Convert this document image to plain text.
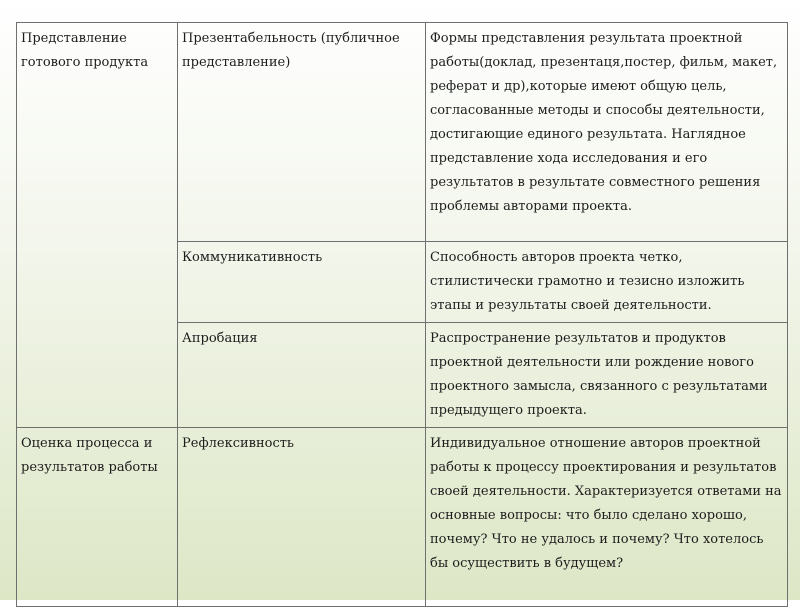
Представление готового продукта	Презентабельность (публичное представление)	Формы представления результата проектной работы(доклад, презентаця,постер, фильм, макет, реферат и др),которые имеют общую цель, согласованные методы и способы деятельности, достигающие единого результата. Наглядное представление хода исследования и его результатов в результате совместного решения проблемы авторами проекта.
	Коммуникативность	Способность авторов проекта четко, стилистически грамотно и тезисно изложить этапы и результаты своей деятельности.
	Апробация	Распространение результатов и продуктов проектной деятельности или рождение нового проектного замысла, связанного с результатами предыдущего проекта.
Оценка процесса и результатов работы	Рефлексивность	Индивидуальное отношение авторов проектной работы к процессу проектирования и результатов своей деятельности. Характеризуется ответами на основные вопросы: что было сделано хорошо, почему? Что не удалось и почему? Что хотелось бы осуществить в будущем?
